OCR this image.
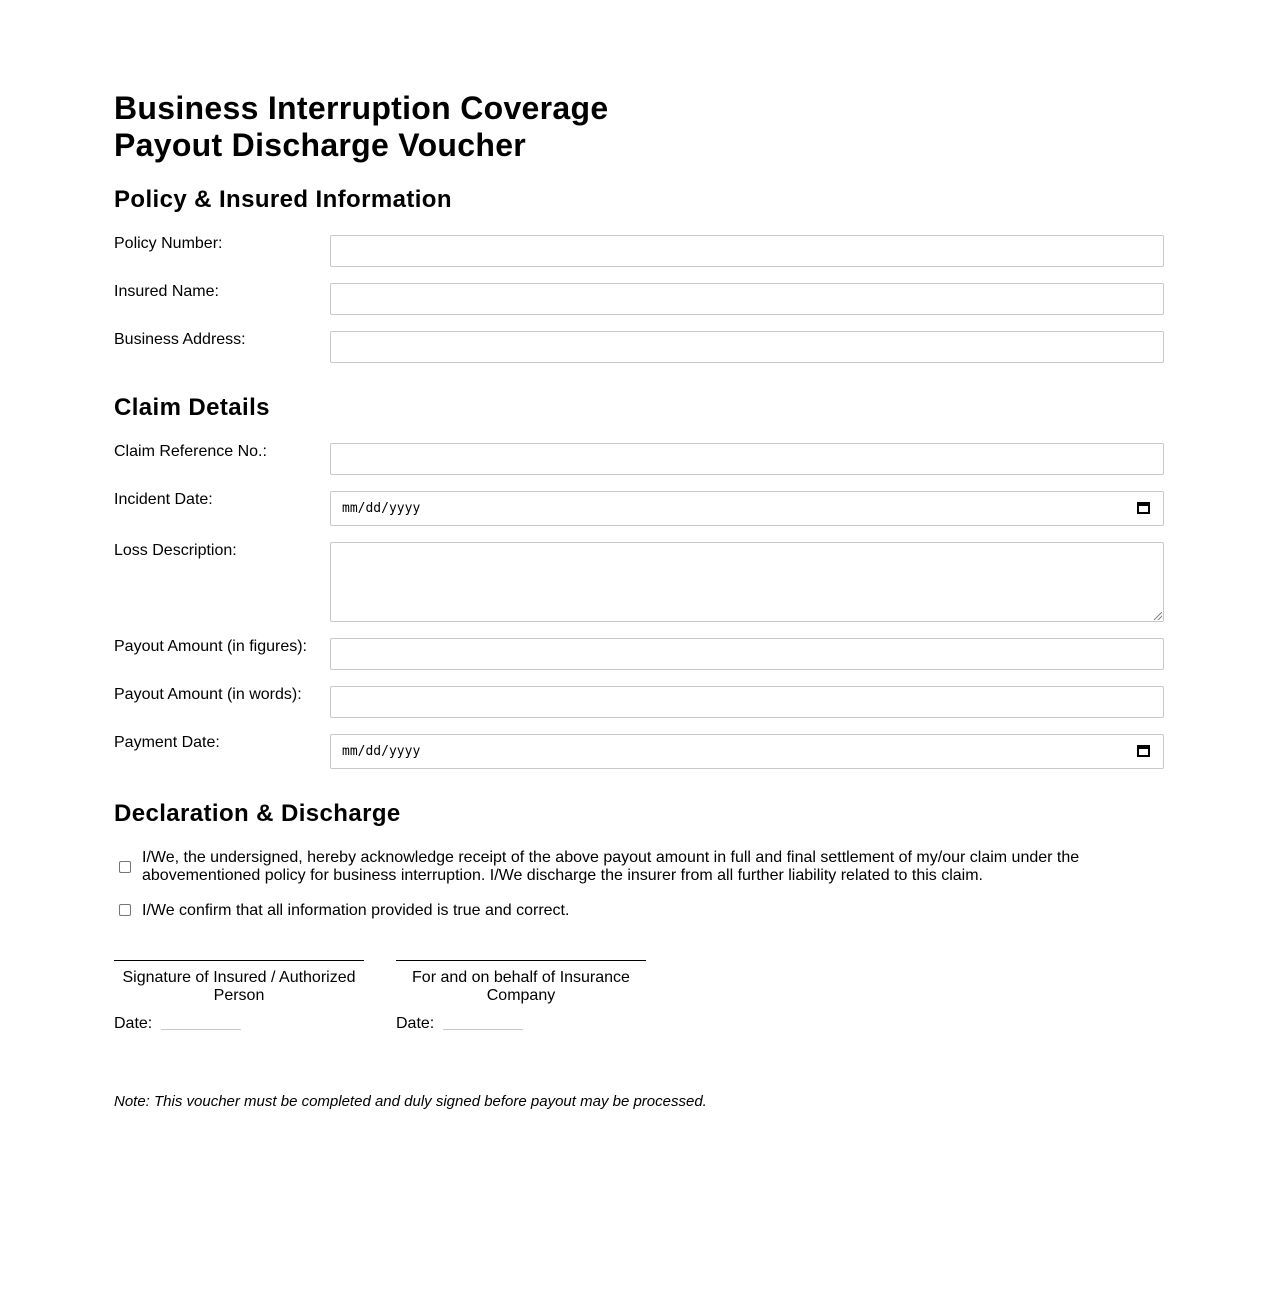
Business Interruption Coverage
Payout Discharge Voucher
Policy & Insured Information
Policy Number:
Insured Name:
Business Address:
Claim Details
Claim Reference No.:
Incident Date:
mm/dd/yyyy
Loss Description:
Payout Amount (in figures):
Payout Amount (in words):
Payment Date:
mm/dd/yyyy
Declaration & Discharge
I/We, the undersigned, hereby acknowledge receipt of the above payout amount in full and final settlement of my/our claim under the
abovementioned policy for business interruption. I/We discharge the insurer from all further liability related to this claim.
I/We confirm that all information provided is true and correct.
Signature of Insured / Authorized
Person
Date:
For and on behalf of Insurance
Company
Date:
Note: This voucher must be completed and duly signed before payout may be processed.
